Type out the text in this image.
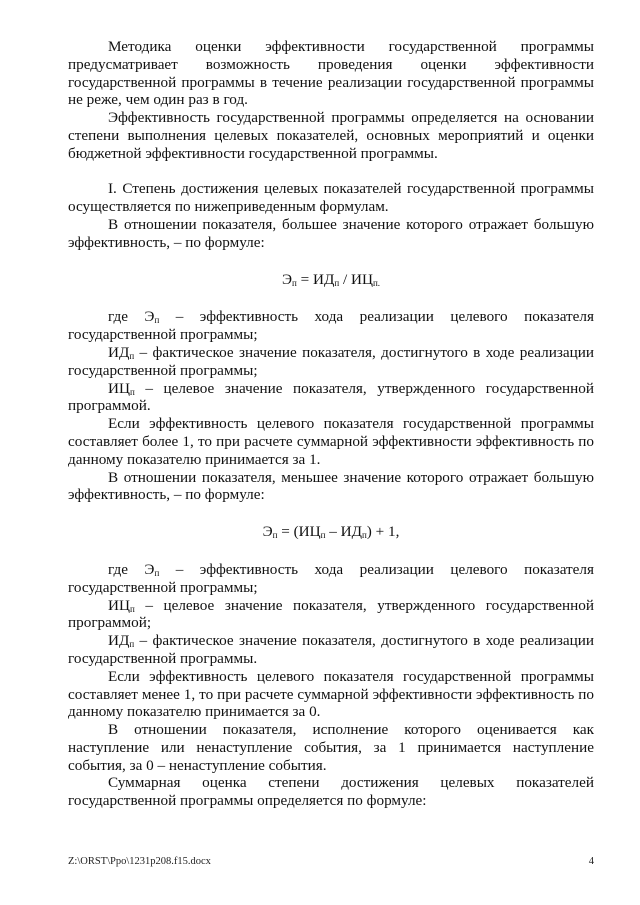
Методика оценки эффективности государственной программы предусматривает возможность проведения оценки эффективности государственной программы в течение реализации государственной программы не реже, чем один раз в год.

Эффективность государственной программы определяется на основании степени выполнения целевых показателей, основных мероприятий и оценки бюджетной эффективности государственной программы.

I. Степень достижения целевых показателей государственной программы осуществляется по нижеприведенным формулам.

В отношении показателя, большее значение которого отражает большую эффективность, – по формуле:

$Э_п = ИД_п / ИЦ_{п.}$

где $Э_п$ – эффективность хода реализации целевого показателя государственной программы;

$ИД_п$ – фактическое значение показателя, достигнутого в ходе реализации государственной программы;

$ИЦ_п$ – целевое значение показателя, утвержденного государственной программой.

Если эффективность целевого показателя государственной программы составляет более 1, то при расчете суммарной эффективности эффективность по данному показателю принимается за 1.

В отношении показателя, меньшее значение которого отражает большую эффективность, – по формуле:

$Э_п = (ИЦ_п - ИД_п) + 1$,

где $Э_п$ – эффективность хода реализации целевого показателя государственной программы;

$ИЦ_п$ – целевое значение показателя, утвержденного государственной программой;

$ИД_п$ – фактическое значение показателя, достигнутого в ходе реализации государственной программы.

Если эффективность целевого показателя государственной программы составляет менее 1, то при расчете суммарной эффективности эффективность по данному показателю принимается за 0.

В отношении показателя, исполнение которого оценивается как наступление или ненаступление события, за 1 принимается наступление события, за 0 – ненаступление события.

Суммарная оценка степени достижения целевых показателей государственной программы определяется по формуле:

Z:\ORST\Ppo\1231p208.f15.docx	4
